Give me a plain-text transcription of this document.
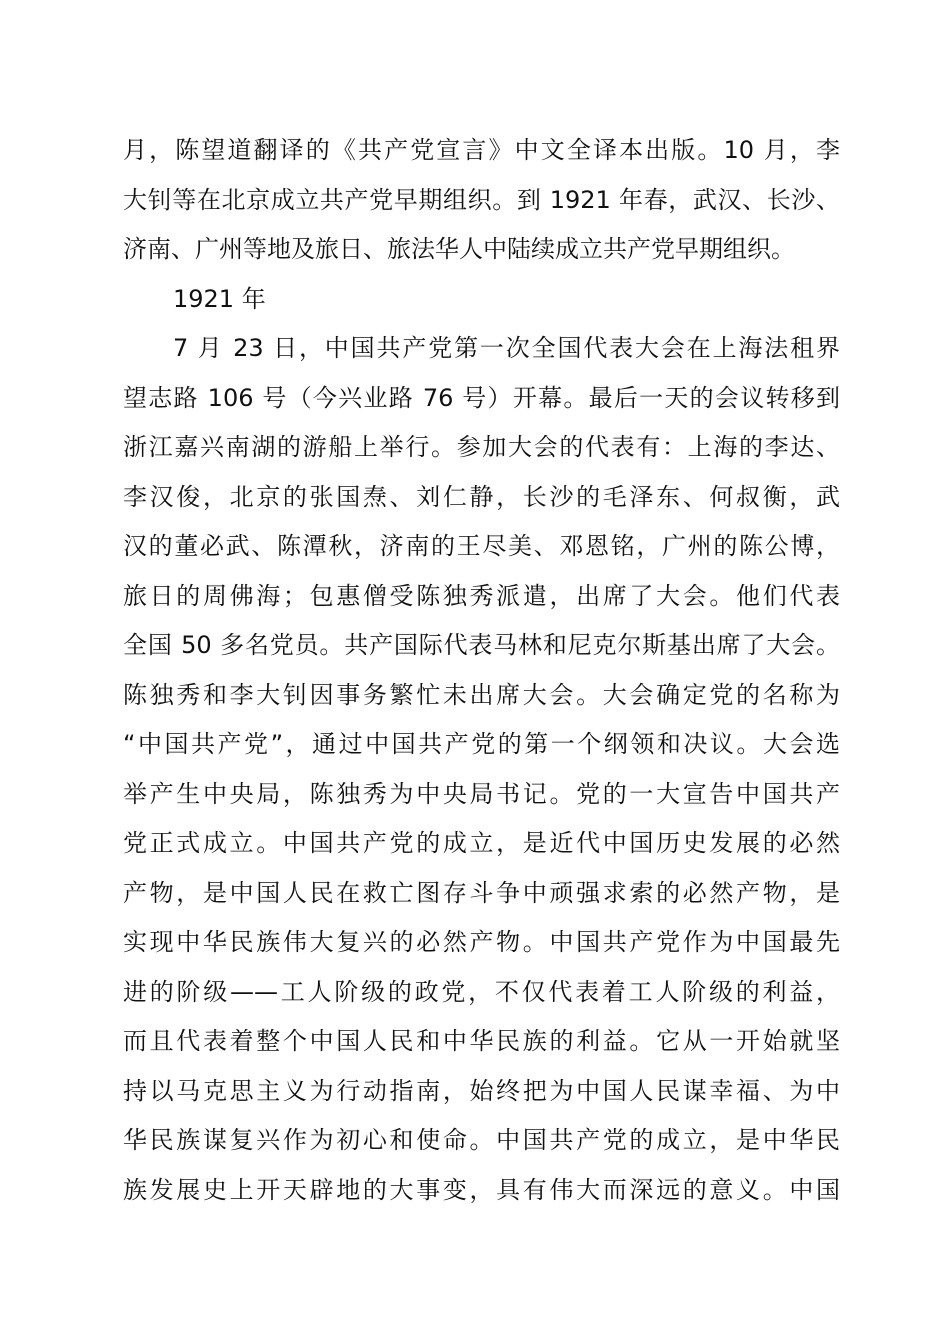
月，陈望道翻译的《共产党宣言》中文全译本出版。10 月，李
大钊等在北京成立共产党早期组织。到 1921 年春，武汉、长沙、
济南、广州等地及旅日、旅法华人中陆续成立共产党早期组织。
1921 年
7 月 23 日，中国共产党第一次全国代表大会在上海法租界
望志路 106 号（今兴业路 76 号）开幕。最后一天的会议转移到
浙江嘉兴南湖的游船上举行。参加大会的代表有：上海的李达、
李汉俊，北京的张国焘、刘仁静，长沙的毛泽东、何叔衡，武
汉的董必武、陈潭秋，济南的王尽美、邓恩铭，广州的陈公博，
旅日的周佛海；包惠僧受陈独秀派遣，出席了大会。他们代表
全国 50 多名党员。共产国际代表马林和尼克尔斯基出席了大会。
陈独秀和李大钊因事务繁忙未出席大会。大会确定党的名称为
“中国共产党”，通过中国共产党的第一个纲领和决议。大会选
举产生中央局，陈独秀为中央局书记。党的一大宣告中国共产
党正式成立。中国共产党的成立，是近代中国历史发展的必然
产物，是中国人民在救亡图存斗争中顽强求索的必然产物，是
实现中华民族伟大复兴的必然产物。中国共产党作为中国最先
进的阶级——工人阶级的政党，不仅代表着工人阶级的利益，
而且代表着整个中国人民和中华民族的利益。它从一开始就坚
持以马克思主义为行动指南，始终把为中国人民谋幸福、为中
华民族谋复兴作为初心和使命。中国共产党的成立，是中华民
族发展史上开天辟地的大事变，具有伟大而深远的意义。中国
